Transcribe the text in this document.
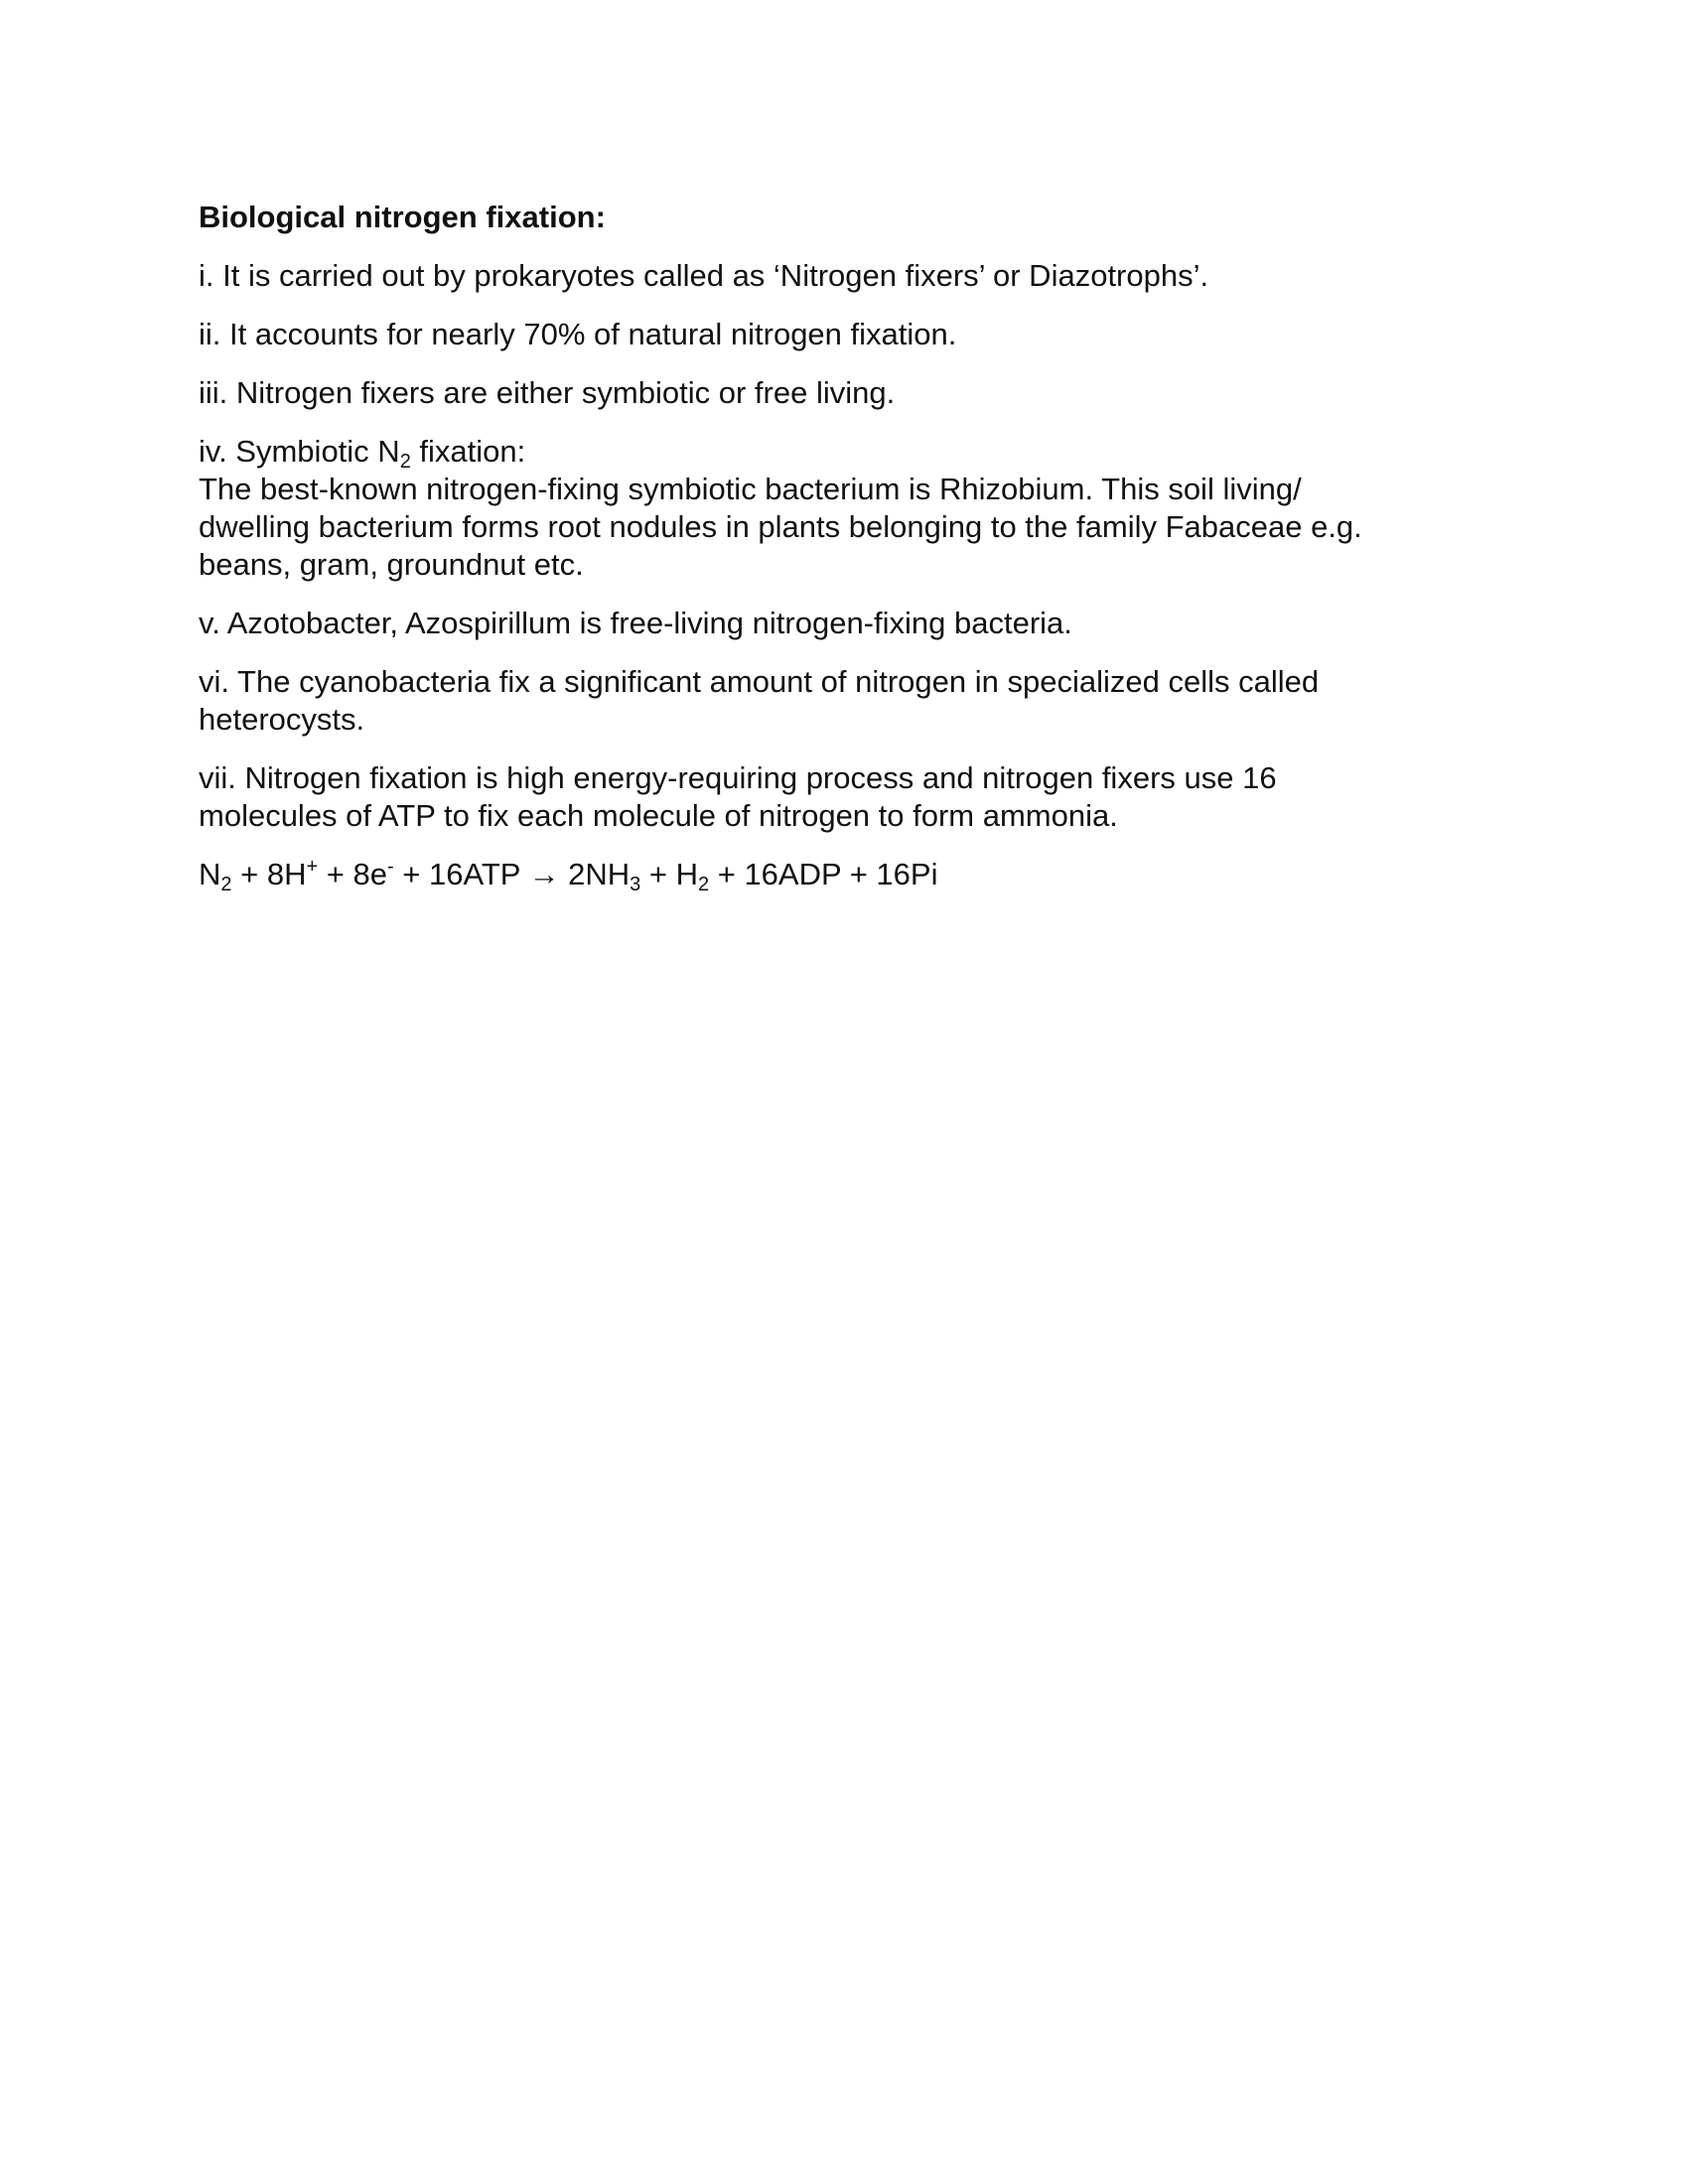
Biological nitrogen fixation:
i. It is carried out by prokaryotes called as ‘Nitrogen fixers’ or Diazotrophs’.
ii. It accounts for nearly 70% of natural nitrogen fixation.
iii. Nitrogen fixers are either symbiotic or free living.
iv. Symbiotic $N_2$ fixation:
The best-known nitrogen-fixing symbiotic bacterium is Rhizobium. This soil living/
dwelling bacterium forms root nodules in plants belonging to the family Fabaceae e.g.
beans, gram, groundnut etc.
v. Azotobacter, Azospirillum is free-living nitrogen-fixing bacteria.
vi. The cyanobacteria fix a significant amount of nitrogen in specialized cells called
heterocysts.
vii. Nitrogen fixation is high energy-requiring process and nitrogen fixers use 16
molecules of ATP to fix each molecule of nitrogen to form ammonia.
$N_2 + 8H^+ + 8e^- + 16ATP \to 2NH_3 + H_2 + 16ADP + 16Pi$
